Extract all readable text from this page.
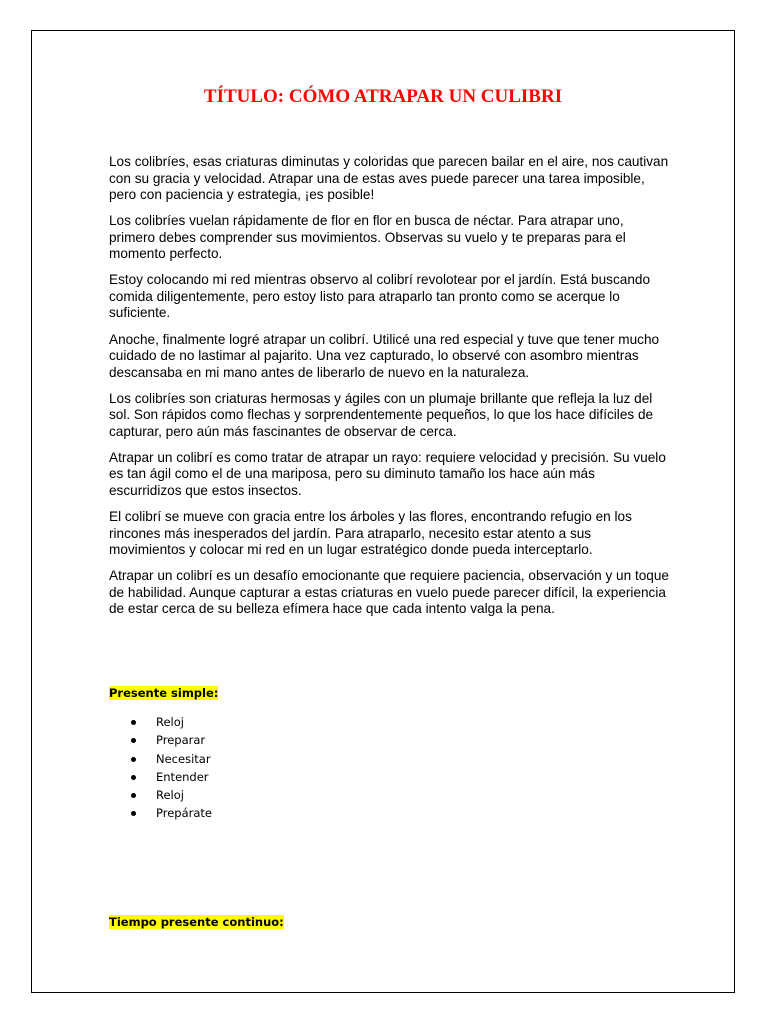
TÍTULO: CÓMO ATRAPAR UN CULIBRI

Los colibríes, esas criaturas diminutas y coloridas que parecen bailar en el aire, nos cautivan con su gracia y velocidad. Atrapar una de estas aves puede parecer una tarea imposible, pero con paciencia y estrategia, ¡es posible!

Los colibríes vuelan rápidamente de flor en flor en busca de néctar. Para atrapar uno, primero debes comprender sus movimientos. Observas su vuelo y te preparas para el momento perfecto.

Estoy colocando mi red mientras observo al colibrí revolotear por el jardín. Está buscando comida diligentemente, pero estoy listo para atraparlo tan pronto como se acerque lo suficiente.

Anoche, finalmente logré atrapar un colibrí. Utilicé una red especial y tuve que tener mucho cuidado de no lastimar al pajarito. Una vez capturado, lo observé con asombro mientras descansaba en mi mano antes de liberarlo de nuevo en la naturaleza.

Los colibríes son criaturas hermosas y ágiles con un plumaje brillante que refleja la luz del sol. Son rápidos como flechas y sorprendentemente pequeños, lo que los hace difíciles de capturar, pero aún más fascinantes de observar de cerca.

Atrapar un colibrí es como tratar de atrapar un rayo: requiere velocidad y precisión. Su vuelo es tan ágil como el de una mariposa, pero su diminuto tamaño los hace aún más escurridizos que estos insectos.

El colibrí se mueve con gracia entre los árboles y las flores, encontrando refugio en los rincones más inesperados del jardín. Para atraparlo, necesito estar atento a sus movimientos y colocar mi red en un lugar estratégico donde pueda interceptarlo.

Atrapar un colibrí es un desafío emocionante que requiere paciencia, observación y un toque de habilidad. Aunque capturar a estas criaturas en vuelo puede parecer difícil, la experiencia de estar cerca de su belleza efímera hace que cada intento valga la pena.

Presente simple:
Reloj
Preparar
Necesitar
Entender
Reloj
Prepárate
Tiempo presente continuo:
